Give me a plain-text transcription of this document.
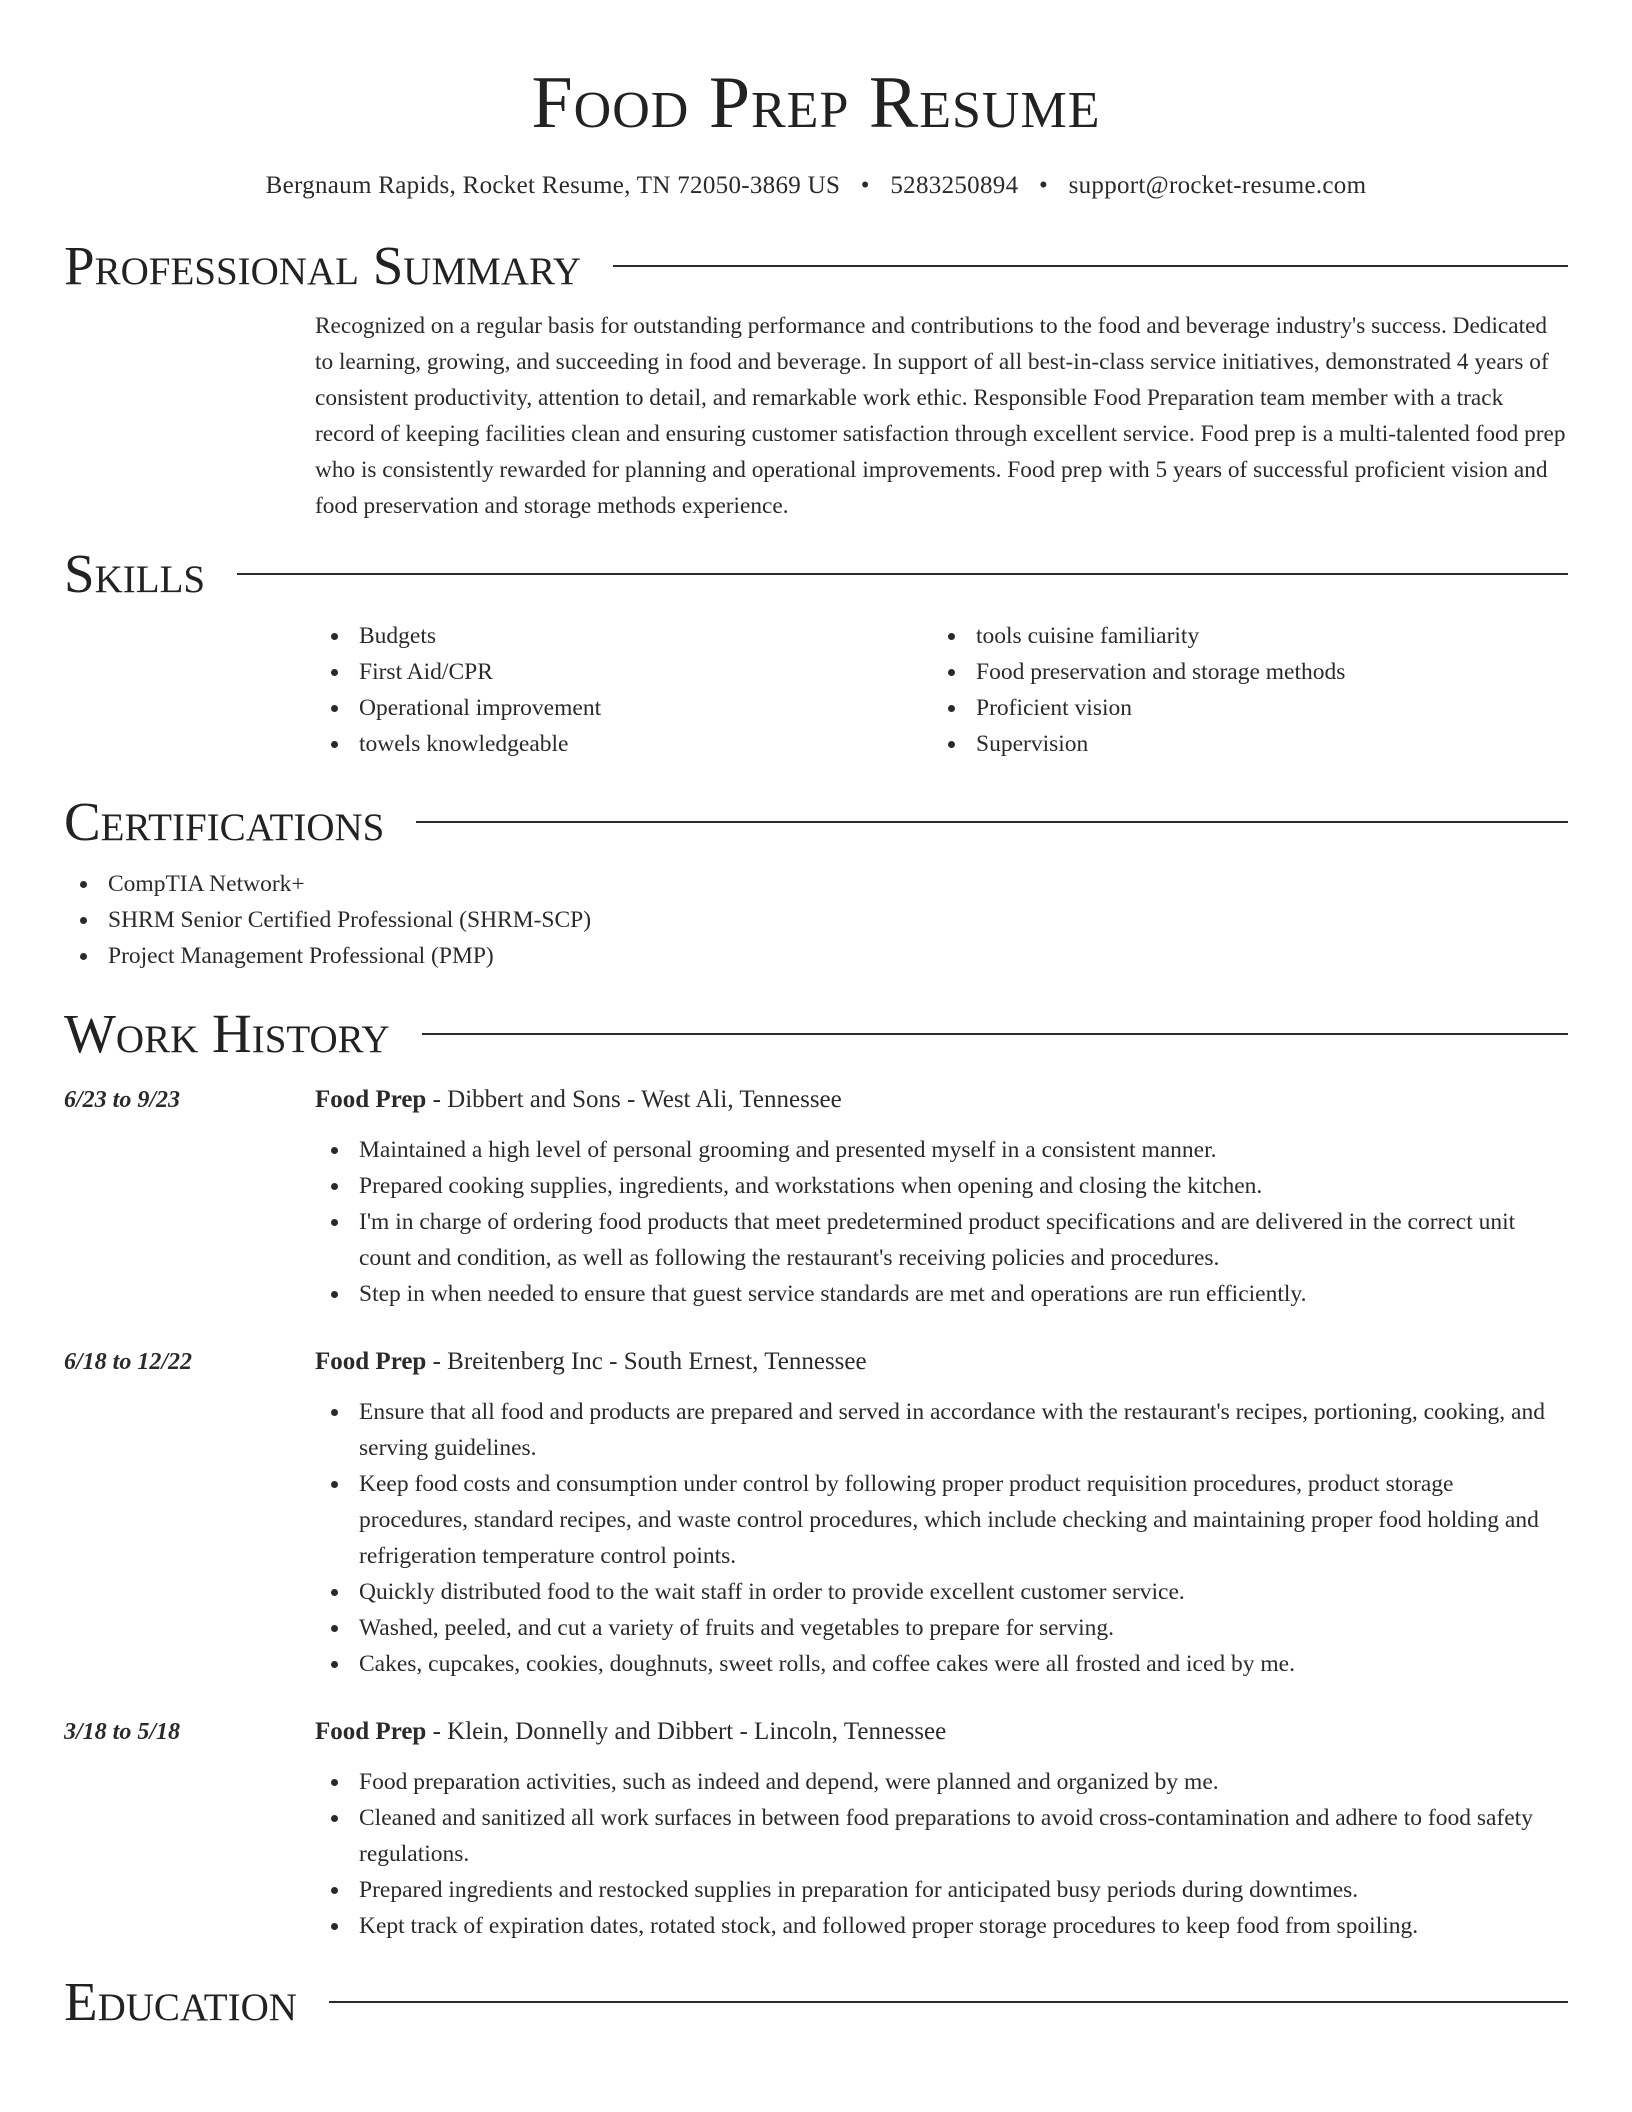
Food Prep Resume
Bergnaum Rapids, Rocket Resume, TN 72050-3869 US • 5283250894 • support@rocket-resume.com
Professional Summary
Recognized on a regular basis for outstanding performance and contributions to the food and beverage industry's success. Dedicated to learning, growing, and succeeding in food and beverage. In support of all best-in-class service initiatives, demonstrated 4 years of consistent productivity, attention to detail, and remarkable work ethic. Responsible Food Preparation team member with a track record of keeping facilities clean and ensuring customer satisfaction through excellent service. Food prep is a multi-talented food prep who is consistently rewarded for planning and operational improvements. Food prep with 5 years of successful proficient vision and food preservation and storage methods experience.
Skills
Budgets
First Aid/CPR
Operational improvement
towels knowledgeable
tools cuisine familiarity
Food preservation and storage methods
Proficient vision
Supervision
Certifications
CompTIA Network+
SHRM Senior Certified Professional (SHRM-SCP)
Project Management Professional (PMP)
Work History
6/23 to 9/23	Food Prep - Dibbert and Sons - West Ali, Tennessee
Maintained a high level of personal grooming and presented myself in a consistent manner.
Prepared cooking supplies, ingredients, and workstations when opening and closing the kitchen.
I'm in charge of ordering food products that meet predetermined product specifications and are delivered in the correct unit count and condition, as well as following the restaurant's receiving policies and procedures.
Step in when needed to ensure that guest service standards are met and operations are run efficiently.
6/18 to 12/22	Food Prep - Breitenberg Inc - South Ernest, Tennessee
Ensure that all food and products are prepared and served in accordance with the restaurant's recipes, portioning, cooking, and serving guidelines.
Keep food costs and consumption under control by following proper product requisition procedures, product storage procedures, standard recipes, and waste control procedures, which include checking and maintaining proper food holding and refrigeration temperature control points.
Quickly distributed food to the wait staff in order to provide excellent customer service.
Washed, peeled, and cut a variety of fruits and vegetables to prepare for serving.
Cakes, cupcakes, cookies, doughnuts, sweet rolls, and coffee cakes were all frosted and iced by me.
3/18 to 5/18	Food Prep - Klein, Donnelly and Dibbert - Lincoln, Tennessee
Food preparation activities, such as indeed and depend, were planned and organized by me.
Cleaned and sanitized all work surfaces in between food preparations to avoid cross-contamination and adhere to food safety regulations.
Prepared ingredients and restocked supplies in preparation for anticipated busy periods during downtimes.
Kept track of expiration dates, rotated stock, and followed proper storage procedures to keep food from spoiling.
Education
